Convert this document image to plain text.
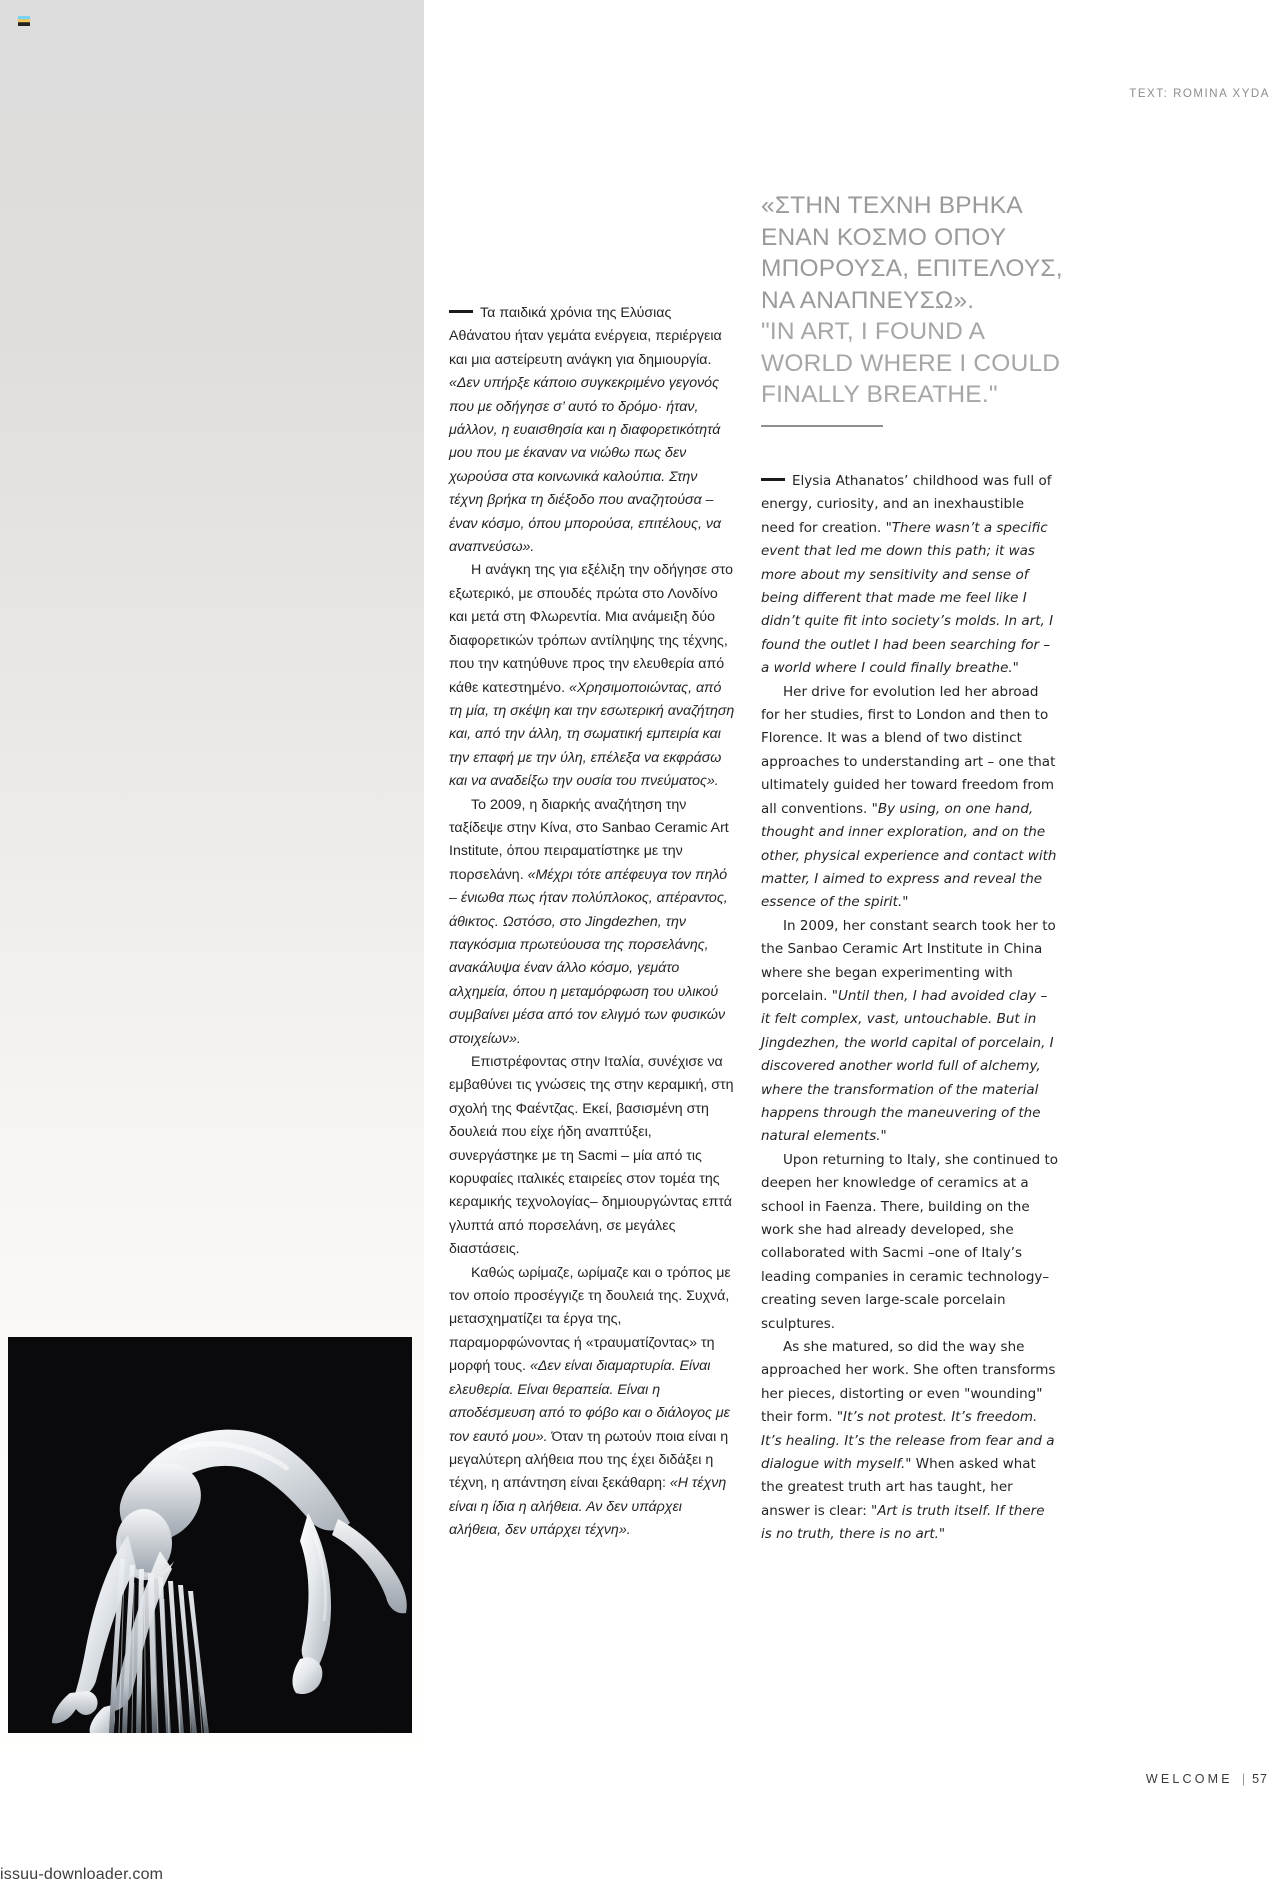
TEXT: ROMINA XYDA
«ΣΤΗΝ ΤΕΧΝΗ ΒΡΗΚΑ
ΕΝΑΝ ΚΟΣΜΟ ΟΠΟΥ
ΜΠΟΡΟΥΣΑ, ΕΠΙΤΕΛΟΥΣ,
ΝΑ ΑΝΑΠΝΕΥΣΩ».
"IN ART, I FOUND A
WORLD WHERE I COULD
FINALLY BREATHE."

Τα παιδικά χρόνια της Ελύσιας Αθάνατου ήταν γεμάτα ενέργεια, περιέργεια και μια αστείρευτη ανάγκη για δημιουργία. «Δεν υπήρξε κάποιο συγκεκριμένο γεγονός που με οδήγησε σ’ αυτό το δρόμο· ήταν, μάλλον, η ευαισθησία και η διαφορετικότητά μου που με έκαναν να νιώθω πως δεν χωρούσα στα κοινωνικά καλούπια. Στην τέχνη βρήκα τη διέξοδο που αναζητούσα – έναν κόσμο, όπου μπορούσα, επιτέλους, να αναπνεύσω».

Η ανάγκη της για εξέλιξη την οδήγησε στο εξωτερικό, με σπουδές πρώτα στο Λονδίνο και μετά στη Φλωρεντία. Μια ανάμειξη δύο διαφορετικών τρόπων αντίληψης της τέχνης, που την κατηύθυνε προς την ελευθερία από κάθε κατεστημένο. «Χρησιμοποιώντας, από τη μία, τη σκέψη και την εσωτερική αναζήτηση και, από την άλλη, τη σωματική εμπειρία και την επαφή με την ύλη, επέλεξα να εκφράσω και να αναδείξω την ουσία του πνεύματος».

Το 2009, η διαρκής αναζήτηση την ταξίδεψε στην Κίνα, στο Sanbao Ceramic Art Institute, όπου πειραματίστηκε με την πορσελάνη. «Μέχρι τότε απέφευγα τον πηλό – ένιωθα πως ήταν πολύπλοκος, απέραντος, άθικτος. Ωστόσο, στο Jingdezhen, την παγκόσμια πρωτεύουσα της πορσελάνης, ανακάλυψα έναν άλλο κόσμο, γεμάτο αλχημεία, όπου η μεταμόρφωση του υλικού συμβαίνει μέσα από τον ελιγμό των φυσικών στοιχείων».

Επιστρέφοντας στην Ιταλία, συνέχισε να εμβαθύνει τις γνώσεις της στην κεραμική, στη σχολή της Φαέντζας. Εκεί, βασισμένη στη δουλειά που είχε ήδη αναπτύξει, συνεργάστηκε με τη Sacmi – μία από τις κορυφαίες ιταλικές εταιρείες στον τομέα της κεραμικής τεχνολογίας– δημιουργώντας επτά γλυπτά από πορσελάνη, σε μεγάλες διαστάσεις.

Καθώς ωρίμαζε, ωρίμαζε και ο τρόπος με τον οποίο προσέγγιζε τη δουλειά της. Συχνά, μετασχηματίζει τα έργα της, παραμορφώνοντας ή «τραυματίζοντας» τη μορφή τους. «Δεν είναι διαμαρτυρία. Είναι ελευθερία. Είναι θεραπεία. Είναι η αποδέσμευση από το φόβο και ο διάλογος με τον εαυτό μου». Όταν τη ρωτούν ποια είναι η μεγαλύτερη αλήθεια που της έχει διδάξει η τέχνη, η απάντηση είναι ξεκάθαρη: «Η τέχνη είναι η ίδια η αλήθεια. Αν δεν υπάρχει αλήθεια, δεν υπάρχει τέχνη».

Elysia Athanatos’ childhood was full of energy, curiosity, and an inexhaustible need for creation. "There wasn’t a specific event that led me down this path; it was more about my sensitivity and sense of being different that made me feel like I didn’t quite fit into society’s molds. In art, I found the outlet I had been searching for – a world where I could finally breathe."

Her drive for evolution led her abroad for her studies, first to London and then to Florence. It was a blend of two distinct approaches to understanding art – one that ultimately guided her toward freedom from all conventions. "By using, on one hand, thought and inner exploration, and on the other, physical experience and contact with matter, I aimed to express and reveal the essence of the spirit."

In 2009, her constant search took her to the Sanbao Ceramic Art Institute in China where she began experimenting with porcelain. "Until then, I had avoided clay – it felt complex, vast, untouchable. But in Jingdezhen, the world capital of porcelain, I discovered another world full of alchemy, where the transformation of the material happens through the maneuvering of the natural elements."

Upon returning to Italy, she continued to deepen her knowledge of ceramics at a school in Faenza. There, building on the work she had already developed, she collaborated with Sacmi –one of Italy’s leading companies in ceramic technology– creating seven large-scale porcelain sculptures.

As she matured, so did the way she approached her work. She often transforms her pieces, distorting or even "wounding" their form. "It’s not protest. It’s freedom. It’s healing. It’s the release from fear and a dialogue with myself." When asked what the greatest truth art has taught, her answer is clear: "Art is truth itself. If there is no truth, there is no art."

WELCOME | 57
issuu-downloader.com
